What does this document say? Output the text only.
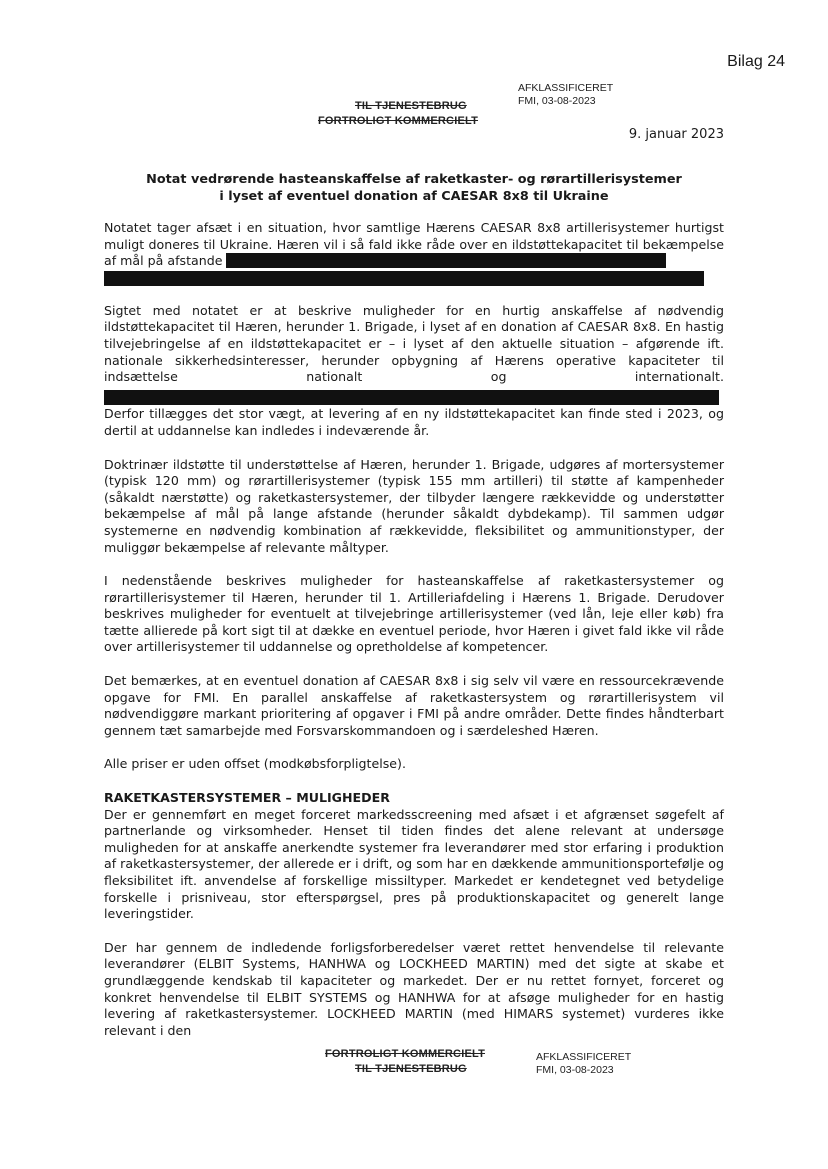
Bilag 24
AFKLASSIFICERET
FMI, 03-08-2023
TIL TJENESTEBRUG
FORTROLIGT KOMMERCIELT
9. januar 2023
Notat vedrørende hasteanskaffelse af raketkaster- og rørartillerisystemer
i lyset af eventuel donation af CAESAR 8x8 til Ukraine

Notatet tager afsæt i en situation, hvor samtlige Hærens CAESAR 8x8 artillerisystemer hurtigst muligt doneres til Ukraine. Hæren vil i så fald ikke råde over en ildstøttekapacitet til bekæmpelse af mål på afstande

Sigtet med notatet er at beskrive muligheder for en hurtig anskaffelse af nødvendig ildstøttekapacitet til Hæren, herunder 1. Brigade, i lyset af en donation af CAESAR 8x8. En hastig tilvejebringelse af en ildstøttekapacitet er – i lyset af den aktuelle situation – afgørende ift. nationale sikkerhedsinteresser, herunder opbygning af Hærens operative kapaciteter til indsættelse nationalt og internationalt.  Derfor tillægges det stor vægt, at levering af en ny ildstøttekapacitet kan finde sted i 2023, og dertil at uddannelse kan indledes i indeværende år.

Doktrinær ildstøtte til understøttelse af Hæren, herunder 1. Brigade, udgøres af mortersystemer (typisk 120 mm) og rørartillerisystemer (typisk 155 mm artilleri) til støtte af kampenheder (såkaldt nærstøtte) og raketkastersystemer, der tilbyder længere rækkevidde og understøtter bekæmpelse af mål på lange afstande (herunder såkaldt dybdekamp). Til sammen udgør systemerne en nødvendig kombination af rækkevidde, fleksibilitet og ammunitionstyper, der muliggør bekæmpelse af relevante måltyper.

I nedenstående beskrives muligheder for hasteanskaffelse af raketkastersystemer og rørartillerisystemer til Hæren, herunder til 1. Artilleriafdeling i Hærens 1. Brigade. Derudover beskrives muligheder for eventuelt at tilvejebringe artillerisystemer (ved lån, leje eller køb) fra tætte allierede på kort sigt til at dække en eventuel periode, hvor Hæren i givet fald ikke vil råde over artillerisystemer til uddannelse og opretholdelse af kompetencer.

Det bemærkes, at en eventuel donation af CAESAR 8x8 i sig selv vil være en ressourcekrævende opgave for FMI. En parallel anskaffelse af raketkastersystem og rørartillerisystem vil nødvendiggøre markant prioritering af opgaver i FMI på andre områder. Dette findes håndterbart gennem tæt samarbejde med Forsvarskommandoen og i særdeleshed Hæren.

Alle priser er uden offset (modkøbsforpligtelse).

RAKETKASTERSYSTEMER – MULIGHEDER

Der er gennemført en meget forceret markedsscreening med afsæt i et afgrænset søgefelt af partnerlande og virksomheder. Henset til tiden findes det alene relevant at undersøge muligheden for at anskaffe anerkendte systemer fra leverandører med stor erfaring i produktion af raketkastersystemer, der allerede er i drift, og som har en dækkende ammunitionsportefølje og fleksibilitet ift. anvendelse af forskellige missiltyper. Markedet er kendetegnet ved betydelige forskelle i prisniveau, stor efterspørgsel, pres på produktionskapacitet og generelt lange leveringstider.

Der har gennem de indledende forligsforberedelser været rettet henvendelse til relevante leverandører (ELBIT Systems, HANHWA og LOCKHEED MARTIN) med det sigte at skabe et grundlæggende kendskab til kapaciteter og markedet. Der er nu rettet fornyet, forceret og konkret henvendelse til ELBIT SYSTEMS og HANHWA for at afsøge muligheder for en hastig levering af raketkastersystemer. LOCKHEED MARTIN (med HIMARS systemet) vurderes ikke relevant i den

FORTROLIGT KOMMERCIELT
TIL TJENESTEBRUG
AFKLASSIFICERET
FMI, 03-08-2023
